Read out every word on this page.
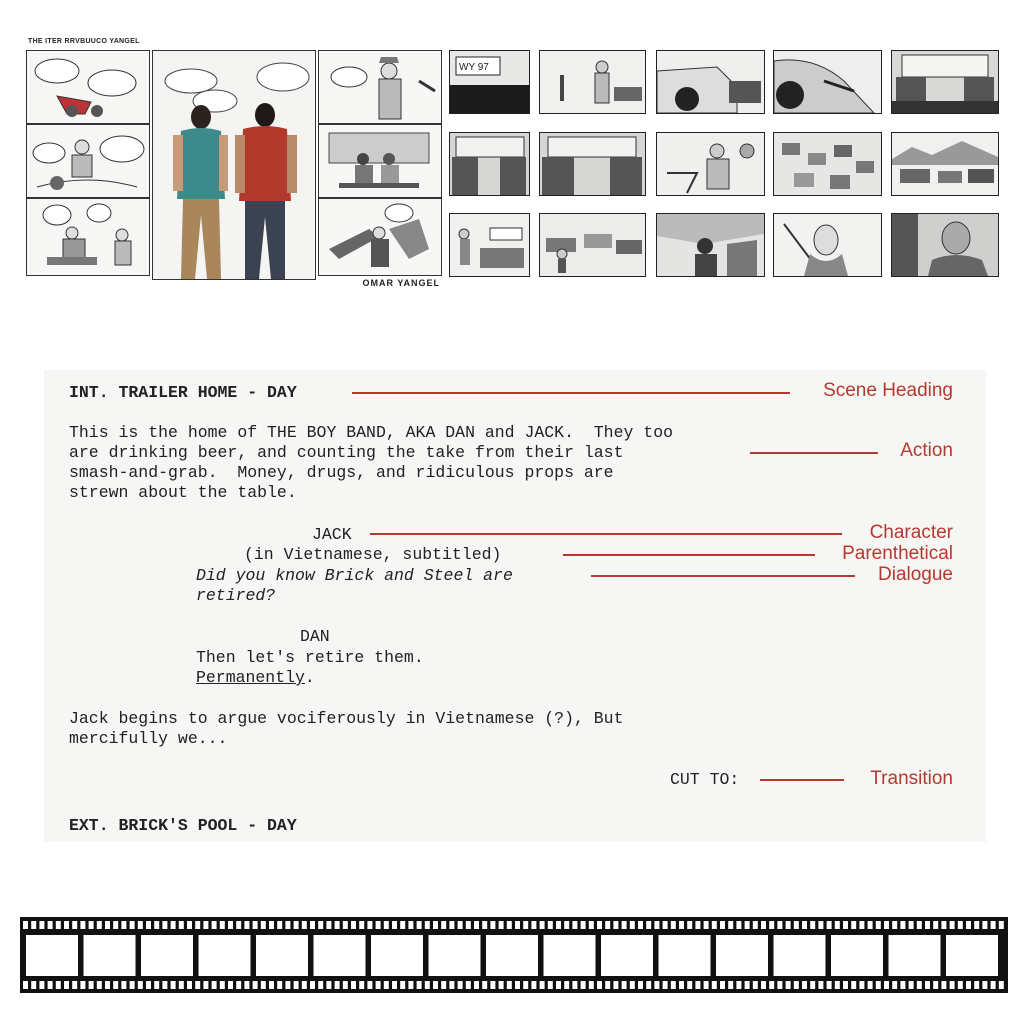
THE ITER RRVBUUCO YANGEL
OMAR YANGEL
WY 97
INT. TRAILER HOME - DAY
This is the home of THE BOY BAND, AKA DAN and JACK.  They too
are drinking beer, and counting the take from their last
smash-and-grab.  Money, drugs, and ridiculous props are
strewn about the table.
JACK
(in Vietnamese, subtitled)
Did you know Brick and Steel are
retired?
DAN
Then let's retire them.
Permanently.
Jack begins to argue vociferously in Vietnamese (?), But
mercifully we...
CUT TO:
EXT. BRICK'S POOL - DAY
Scene Heading
Action
Character
Parenthetical
Dialogue
Transition
